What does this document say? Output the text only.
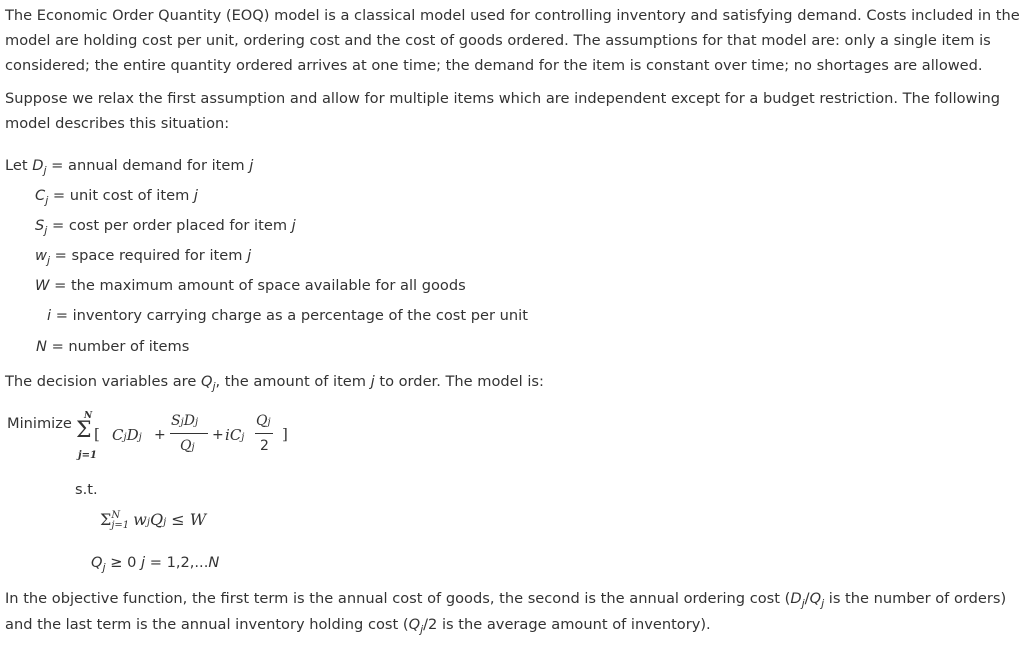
The Economic Order Quantity (EOQ) model is a classical model used for controlling inventory and satisfying demand. Costs included in the model are holding cost per unit, ordering cost and the cost of goods ordered. The assumptions for that model are: only a single item is considered; the entire quantity ordered arrives at one time; the demand for the item is constant over time; no shortages are allowed.

Suppose we relax the first assumption and allow for multiple items which are independent except for a budget restriction. The following model describes this situation:

Let $D_j$ = annual demand for item j
$C_j$ = unit cost of item j
$S_j = \cos t$ per order placed for item j
$w_j$ = space required for item j
W = the maximum amount of space available for all goods
i = inventory carrying charge as a percentage of the cost per unit
N = number of items
The decision variables are $Q_j$, the amount of item j to order. The model is:
Minimize N
Σ
j=1
[ CjDj +
SjDj
Qj
+ iCj
Qj
2
]
s.t.
Σ N
j=1 wjQj ≤ W
$Q_j \ge 0$ j = 1,2,...N

In the objective function, the first term is the annual cost of goods, the second is the annual ordering cost ($D_j/Q_j$ is the number of orders) and the last term is the annual inventory holding cost ($Q_j/2$ is the average amount of inventory).
